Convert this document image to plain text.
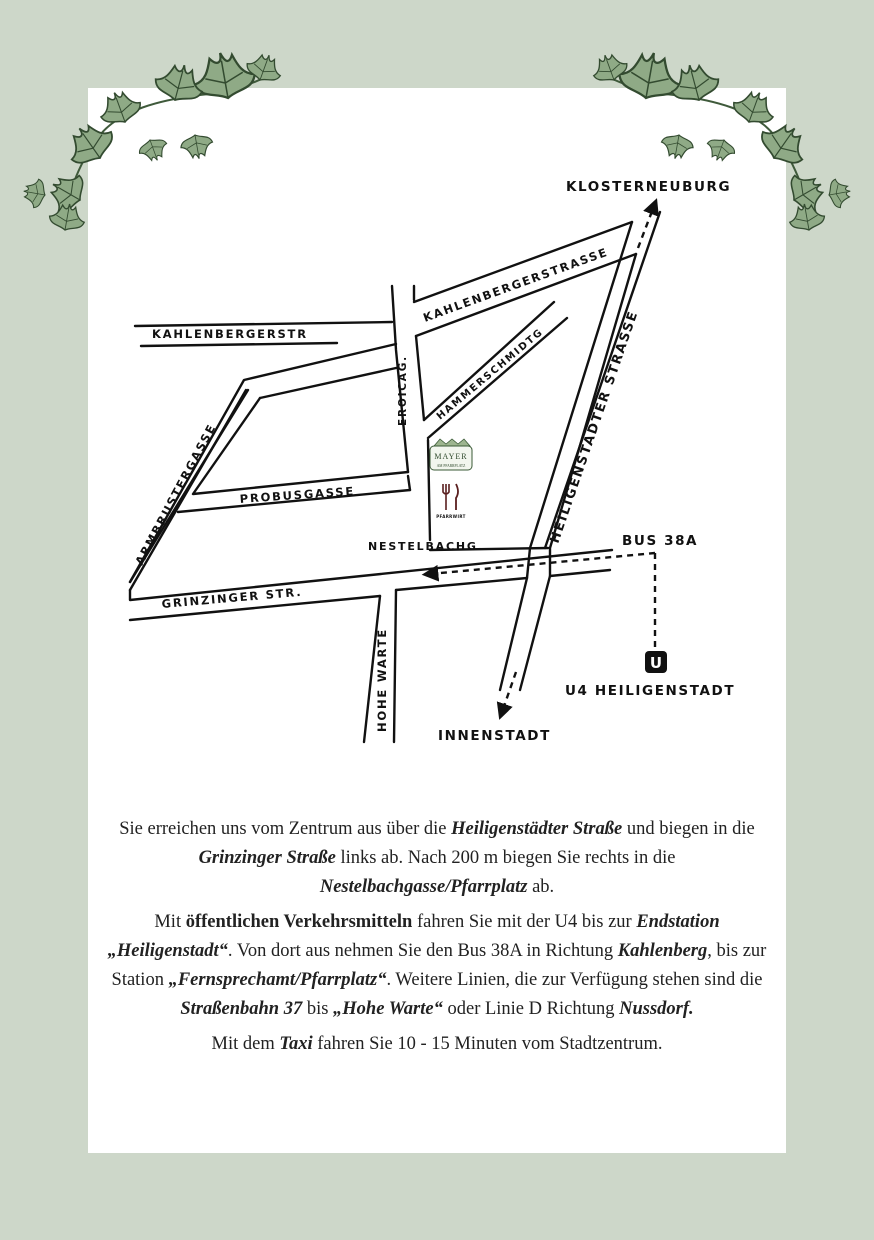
KAHLENBERGERSTR
KAHLENBERGERSTRASSE
HAMMERSCHMIDTG
EROICAG.
ARMBRUSTERGASSE PROBUSGASSE
NESTELBACHG.
GRINZINGER STR.
HOHE WARTE
HEILIGENSTÄDTER STRASSE
KLOSTERNEUBURG
INNENSTADT
BUS 38A
U4 HEILIGENSTADT
U
MAYER
AM PFARRPLATZ
PFARRWIRT

Sie erreichen uns vom Zentrum aus über die Heiligenstädter Straße und biegen in die Grinzinger Straße links ab. Nach 200 m biegen Sie rechts in die Nestelbachgasse/Pfarrplatz ab.

Mit öffentlichen Verkehrsmitteln fahren Sie mit der U4 bis zur Endstation „Heiligenstadt“. Von dort aus nehmen Sie den Bus 38A in Richtung Kahlenberg, bis zur Station „Fernsprechamt/Pfarrplatz“. Weitere Linien, die zur Verfügung stehen sind die Straßenbahn 37 bis „Hohe Warte“ oder Linie D Richtung Nussdorf.

Mit dem Taxi fahren Sie 10 - 15 Minuten vom Stadtzentrum.
